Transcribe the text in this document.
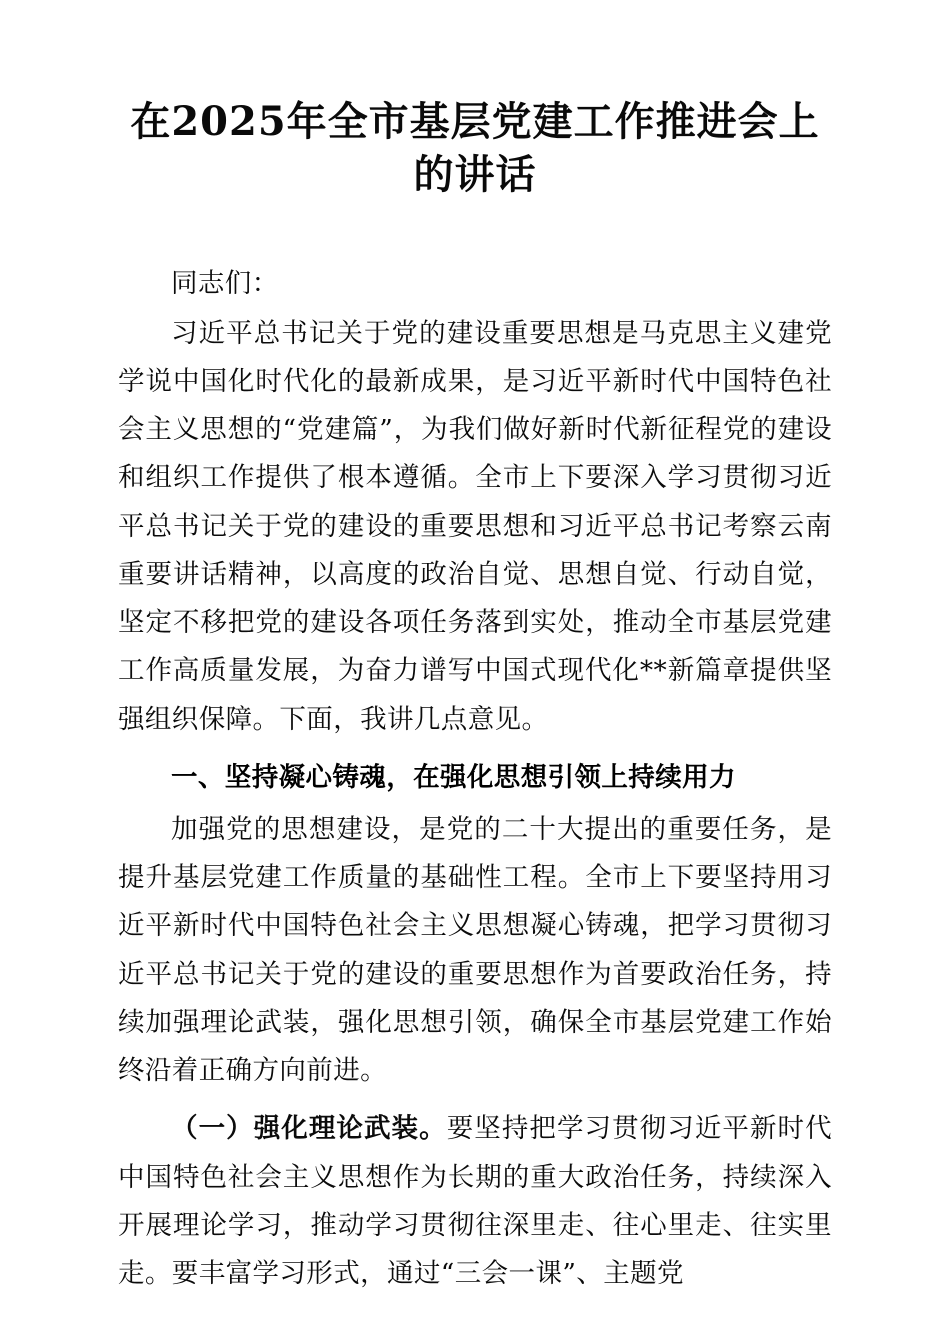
在2025年全市基层党建工作推进会上的讲话

同志们：

习近平总书记关于党的建设重要思想是马克思主义建党学说中国化时代化的最新成果，是习近平新时代中国特色社会主义思想的“党建篇”，为我们做好新时代新征程党的建设和组织工作提供了根本遵循。全市上下要深入学习贯彻习近平总书记关于党的建设的重要思想和习近平总书记考察云南重要讲话精神，以高度的政治自觉、思想自觉、行动自觉，坚定不移把党的建设各项任务落到实处，推动全市基层党建工作高质量发展，为奋力谱写中国式现代化**新篇章提供坚强组织保障。下面，我讲几点意见。

一、坚持凝心铸魂，在强化思想引领上持续用力

加强党的思想建设，是党的二十大提出的重要任务，是提升基层党建工作质量的基础性工程。全市上下要坚持用习近平新时代中国特色社会主义思想凝心铸魂，把学习贯彻习近平总书记关于党的建设的重要思想作为首要政治任务，持续加强理论武装，强化思想引领，确保全市基层党建工作始终沿着正确方向前进。

（一）强化理论武装。要坚持把学习贯彻习近平新时代中国特色社会主义思想作为长期的重大政治任务，持续深入开展理论学习，推动学习贯彻往深里走、往心里走、往实里走。要丰富学习形式，通过“三会一课”、主题党
